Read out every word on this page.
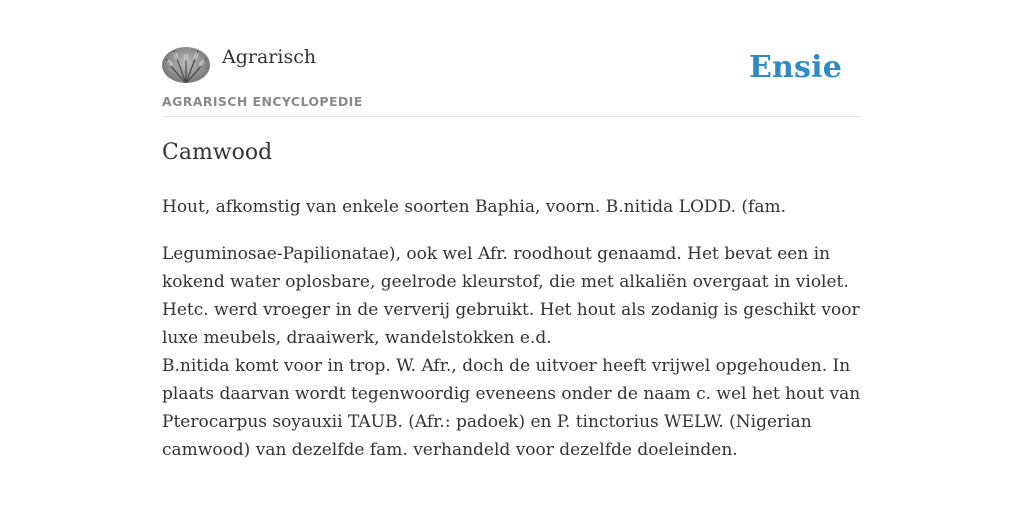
Agrarisch
AGRARISCH ENCYCLOPEDIE
Ensie
Camwood

Hout, afkomstig van enkele soorten Baphia, voorn. B.nitida LODD. (fam.

Leguminosae-Papilionatae), ook wel Afr. roodhout genaamd. Het bevat een in kokend water oplosbare, geelrode kleurstof, die met alkaliën overgaat in violet. Hetc. werd vroeger in de ververij gebruikt. Het hout als zodanig is geschikt voor luxe meubels, draaiwerk, wandelstokken e.d.

B.nitida komt voor in trop. W. Afr., doch de uitvoer heeft vrijwel opgehouden. In plaats daarvan wordt tegenwoordig eveneens onder de naam c. wel het hout van Pterocarpus soyauxii TAUB. (Afr.: padoek) en P. tinctorius WELW. (Nigerian camwood) van dezelfde fam. verhandeld voor dezelfde doeleinden.
